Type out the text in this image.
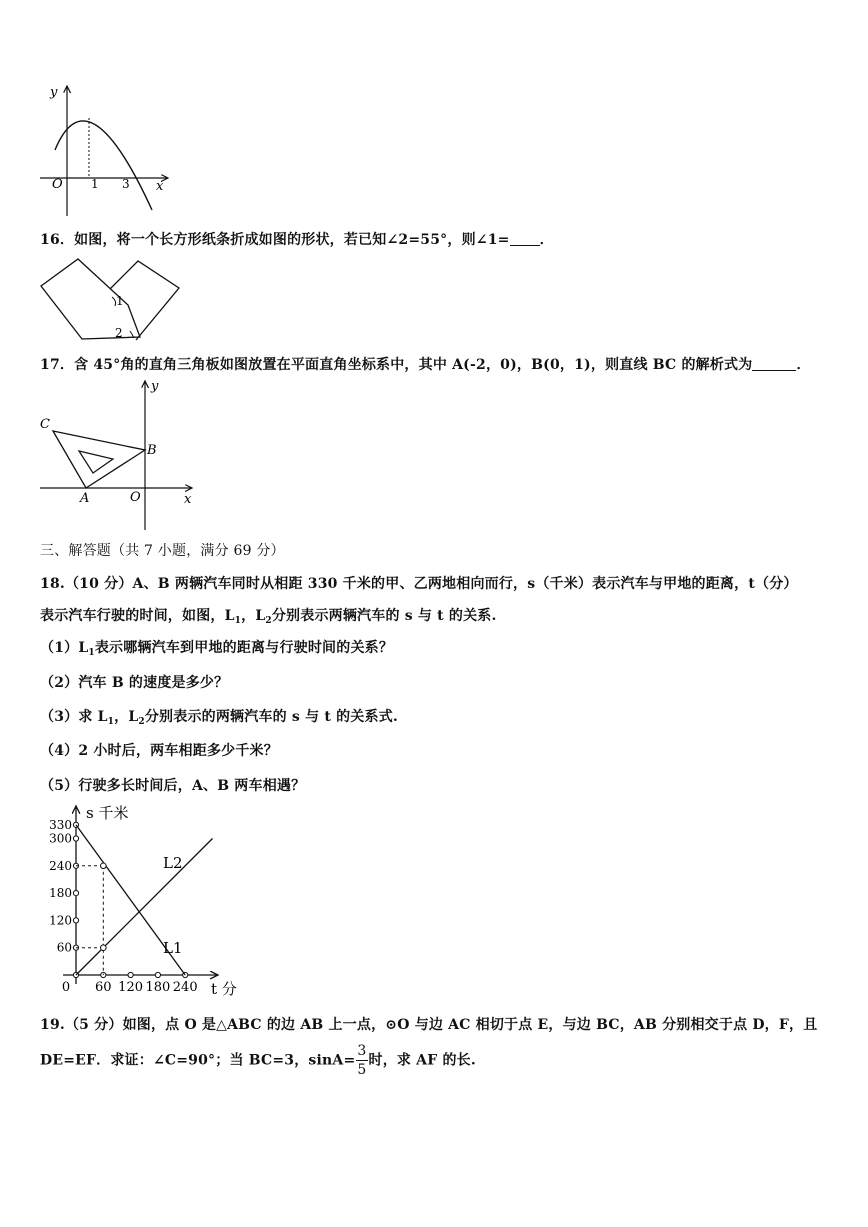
y
O 1 3 x
16．如图，将一个长方形纸条折成如图的形状，若已知∠2=55°，则∠1= ．
1
2
17．含 45°角的直角三角板如图放置在平面直角坐标系中，其中 A(-2，0)，B(0，1)，则直线 BC 的解析式为	．
y
C
B
A	O	x
三、解答题（共 7 小题，满分 69 分）
18.（10 分）A、B 两辆汽车同时从相距 330 千米的甲、乙两地相向而行，s（千米）表示汽车与甲地的距离，t（分）
表示汽车行驶的时间，如图，$L_1$，$L_2$分别表示两辆汽车的 s 与 t 的关系.
$(1)L_1$表示哪辆汽车到甲地的距离与行驶时间的关系？
（2）汽车 B 的速度是多少？
（3）求 $L_1$，$L_2$分别表示的两辆汽车的 s 与 t 的关系式.
（4）2 小时后，两车相距多少千米？
（5）行驶多长时间后，A、B 两车相遇？
330
300
240
180
120
60
60 120 180 240
0
L1
L2
s 千米
t 分
19.（5 分）如图，点 O 是△ABC 的边 AB 上一点，⊙O 与边 AC 相切于点 E，与边 BC，AB 分别相交于点 D，F，且
DE=EF．求证：∠C=90°；当 BC=3，$\sin A= \frac{3}{5}$ 时，求 AF 的长.
